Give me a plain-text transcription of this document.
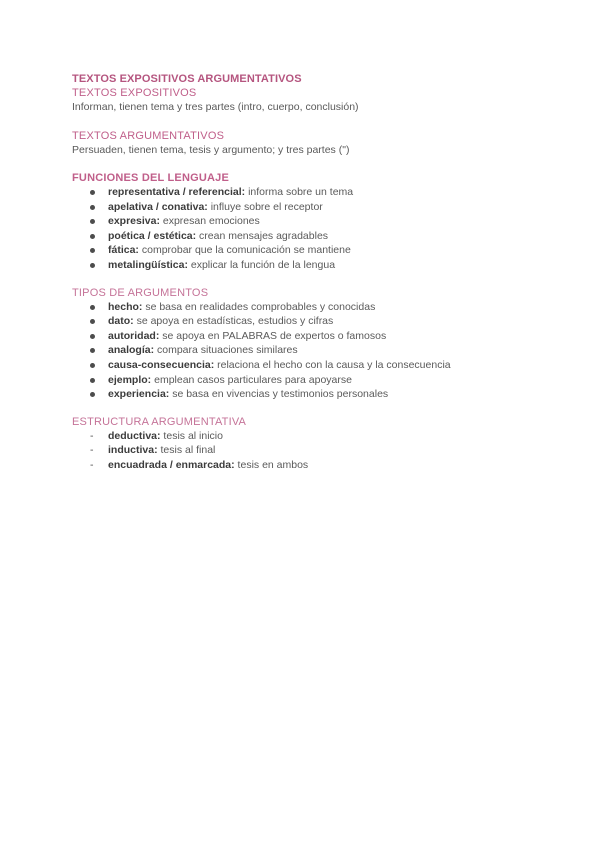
TEXTOS EXPOSITIVOS ARGUMENTATIVOS
TEXTOS EXPOSITIVOS
Informan, tienen tema y tres partes (intro, cuerpo, conclusión)
TEXTOS ARGUMENTATIVOS
Persuaden, tienen tema, tesis y argumento; y tres partes (")
FUNCIONES DEL LENGUAJE
representativa / referencial: informa sobre un tema
apelativa / conativa: influye sobre el receptor
expresiva: expresan emociones
poética / estética: crean mensajes agradables
fática: comprobar que la comunicación se mantiene
metalingüística: explicar la función de la lengua
TIPOS DE ARGUMENTOS
hecho: se basa en realidades comprobables y conocidas
dato: se apoya en estadísticas, estudios y cifras
autoridad: se apoya en PALABRAS de expertos o famosos
analogía: compara situaciones similares
causa-consecuencia: relaciona el hecho con la causa y la consecuencia
ejemplo: emplean casos particulares para apoyarse
experiencia: se basa en vivencias y testimonios personales
ESTRUCTURA ARGUMENTATIVA
- deductiva: tesis al inicio
- inductiva: tesis al final
- encuadrada / enmarcada: tesis en ambos
